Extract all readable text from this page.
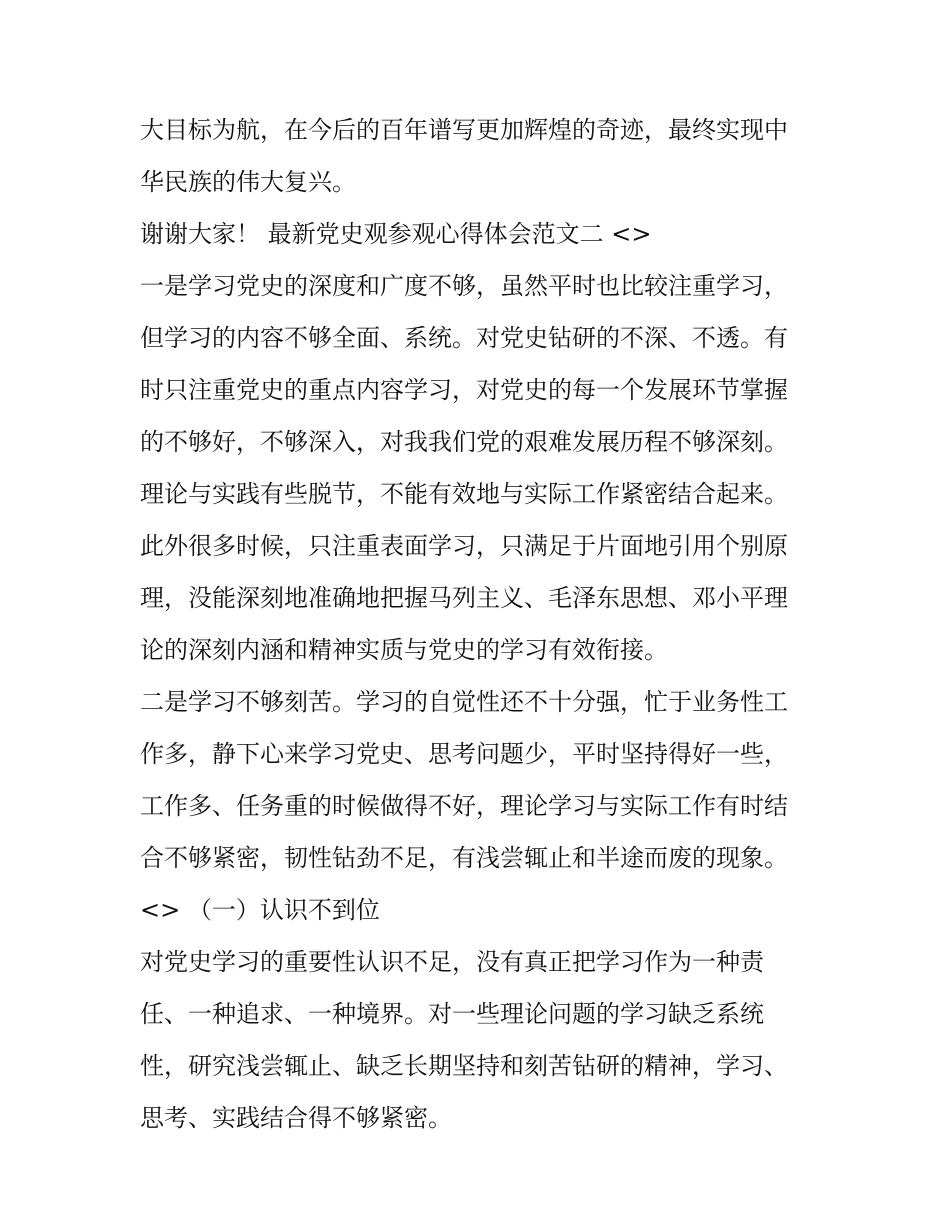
大目标为航，在今后的百年谱写更加辉煌的奇迹，最终实现中
华民族的伟大复兴。
谢谢大家！ 最新党史观参观心得体会范文二 <>
一是学习党史的深度和广度不够，虽然平时也比较注重学习，
但学习的内容不够全面、系统。对党史钻研的不深、不透。有
时只注重党史的重点内容学习，对党史的每一个发展环节掌握
的不够好，不够深入，对我我们党的艰难发展历程不够深刻。
理论与实践有些脱节，不能有效地与实际工作紧密结合起来。
此外很多时候，只注重表面学习，只满足于片面地引用个别原
理，没能深刻地准确地把握马列主义、毛泽东思想、邓小平理
论的深刻内涵和精神实质与党史的学习有效衔接。
二是学习不够刻苦。学习的自觉性还不十分强，忙于业务性工
作多，静下心来学习党史、思考问题少，平时坚持得好一些，
工作多、任务重的时候做得不好，理论学习与实际工作有时结
合不够紧密，韧性钻劲不足，有浅尝辄止和半途而废的现象。
<> （一）认识不到位
对党史学习的重要性认识不足，没有真正把学习作为一种责
任、一种追求、一种境界。对一些理论问题的学习缺乏系统
性，研究浅尝辄止、缺乏长期坚持和刻苦钻研的精神，学习、
思考、实践结合得不够紧密。
